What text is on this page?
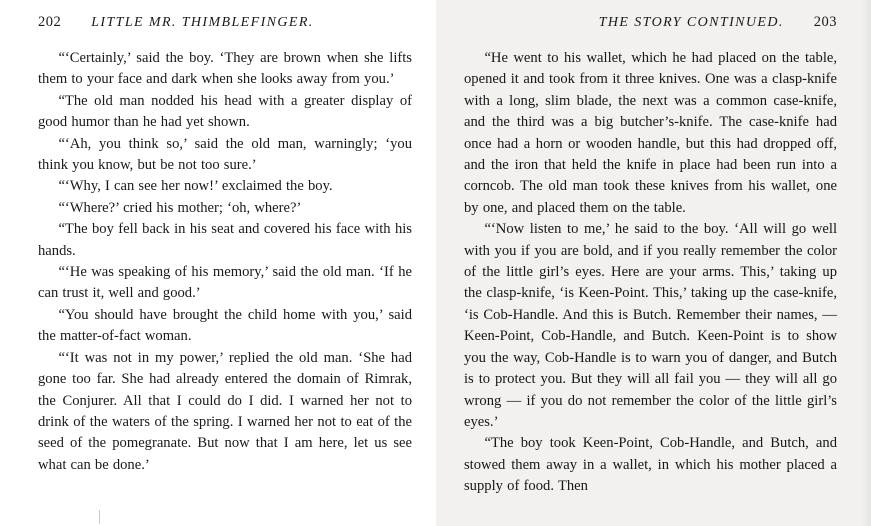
202 LITTLE MR. THIMBLEFINGER.

“‘Certainly,’ said the boy. ‘They are brown when she lifts them to your face and dark when she looks away from you.’

“The old man nodded his head with a greater display of good humor than he had yet shown.

“‘Ah, you think so,’ said the old man, warningly; ‘you think you know, but be not too sure.’

“‘Why, I can see her now!’ exclaimed the boy.

“‘Where?’ cried his mother; ‘oh, where?’

“The boy fell back in his seat and covered his face with his hands.

“‘He was speaking of his memory,’ said the old man. ‘If he can trust it, well and good.’

“You should have brought the child home with you,’ said the matter-of-fact woman.

“‘It was not in my power,’ replied the old man. ‘She had gone too far. She had already entered the domain of Rimrak, the Conjurer. All that I could do I did. I warned her not to drink of the waters of the spring. I warned her not to eat of the seed of the pomegranate. But now that I am here, let us see what can be done.’

THE STORY CONTINUED. 203

“He went to his wallet, which he had placed on the table, opened it and took from it three knives. One was a clasp-knife with a long, slim blade, the next was a common case-knife, and the third was a big butcher’s-knife. The case-knife had once had a horn or wooden handle, but this had dropped off, and the iron that held the knife in place had been run into a corncob. The old man took these knives from his wallet, one by one, and placed them on the table.

“‘Now listen to me,’ he said to the boy. ‘All will go well with you if you are bold, and if you really remember the color of the little girl’s eyes. Here are your arms. This,’ taking up the clasp-knife, ‘is Keen-Point. This,’ taking up the case-knife, ‘is Cob-Handle. And this is Butch. Remember their names, — Keen-Point, Cob-Handle, and Butch. Keen-Point is to show you the way, Cob-Handle is to warn you of danger, and Butch is to protect you. But they will all fail you — they will all go wrong — if you do not remember the color of the little girl’s eyes.’

“The boy took Keen-Point, Cob-Handle, and Butch, and stowed them away in a wallet, in which his mother placed a supply of food. Then
